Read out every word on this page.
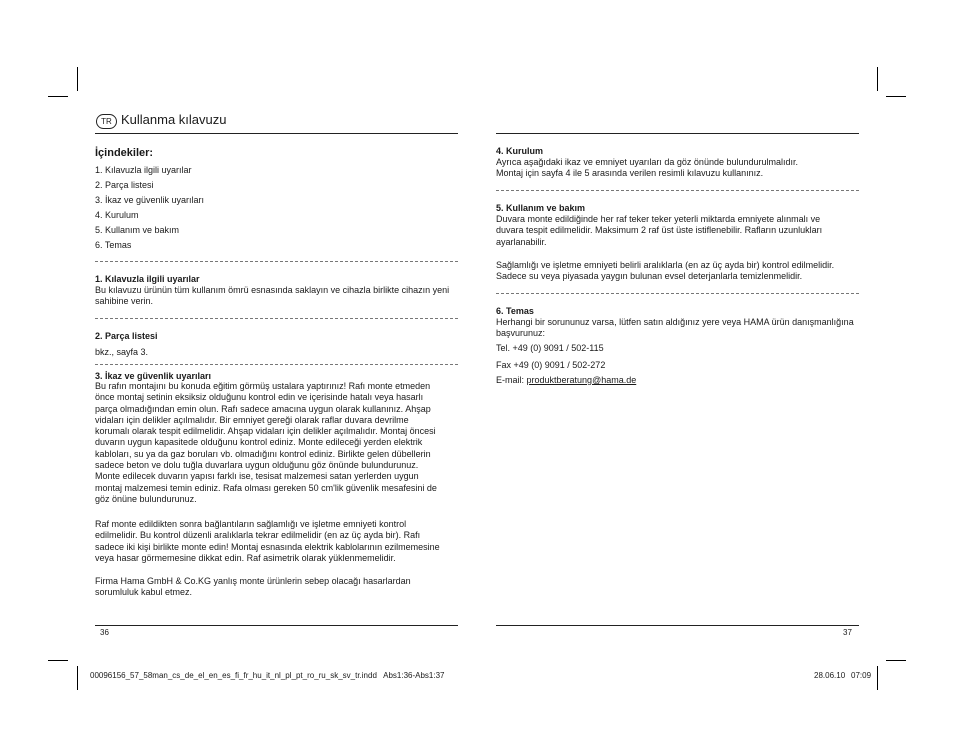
TR Kullanma kılavuzu
İçindekiler:
1. Kılavuzla ilgili uyarılar
2. Parça listesi
3. İkaz ve güvenlik uyarıları
4. Kurulum
5. Kullanım ve bakım
6. Temas
1. Kılavuzla ilgili uyarılar
Bu kılavuzu ürünün tüm kullanım ömrü esnasında saklayın ve cihazla birlikte cihazın yeni
sahibine verin.
2. Parça listesi
bkz., sayfa 3.
3. İkaz ve güvenlik uyarıları
Bu rafın montajını bu konuda eğitim görmüş ustalara yaptırınız! Rafı monte etmeden
önce montaj setinin eksiksiz olduğunu kontrol edin ve içerisinde hatalı veya hasarlı
parça olmadığından emin olun. Rafı sadece amacına uygun olarak kullanınız. Ahşap
vidaları için delikler açılmalıdır. Bir emniyet gereği olarak raflar duvara devrilme
korumalı olarak tespit edilmelidir. Ahşap vidaları için delikler açılmalıdır. Montaj öncesi
duvarın uygun kapasitede olduğunu kontrol ediniz. Monte edileceği yerden elektrik
kabloları, su ya da gaz boruları vb. olmadığını kontrol ediniz. Birlikte gelen dübellerin
sadece beton ve dolu tuğla duvarlara uygun olduğunu göz önünde bulundurunuz.
Monte edilecek duvarın yapısı farklı ise, tesisat malzemesi satan yerlerden uygun
montaj malzemesi temin ediniz. Rafa olması gereken 50 cm'lik güvenlik mesafesini de
göz önüne bulundurunuz.
Raf monte edildikten sonra bağlantıların sağlamlığı ve işletme emniyeti kontrol
edilmelidir. Bu kontrol düzenli aralıklarla tekrar edilmelidir (en az üç ayda bir). Rafı
sadece iki kişi birlikte monte edin! Montaj esnasında elektrik kablolarının ezilmemesine
veya hasar görmemesine dikkat edin. Raf asimetrik olarak yüklenmemelidir.
Firma Hama GmbH & Co.KG yanlış monte ürünlerin sebep olacağı hasarlardan
sorumluluk kabul etmez.
4. Kurulum
Ayrıca aşağıdaki ikaz ve emniyet uyarıları da göz önünde bulundurulmalıdır.
Montaj için sayfa 4 ile 5 arasında verilen resimli kılavuzu kullanınız.
5. Kullanım ve bakım
Duvara monte edildiğinde her raf teker teker yeterli miktarda emniyete alınmalı ve
duvara tespit edilmelidir. Maksimum 2 raf üst üste istiflenebilir. Rafların uzunlukları
ayarlanabilir.
Sağlamlığı ve işletme emniyeti belirli aralıklarla (en az üç ayda bir) kontrol edilmelidir.
Sadece su veya piyasada yaygın bulunan evsel deterjanlarla temizlenmelidir.
6. Temas
Herhangi bir sorununuz varsa, lütfen satın aldığınız yere veya HAMA ürün danışmanlığına
başvurunuz:
Tel. +49 (0) 9091 / 502-115
Fax +49 (0) 9091 / 502-272
E-mail: produktberatung@hama.de
36	37
00096156_57_58man_cs_de_el_en_es_fi_fr_hu_it_nl_pl_pt_ro_ru_sk_sv_tr.indd   Abs1:36-Abs1:37	28.06.10 07:09
